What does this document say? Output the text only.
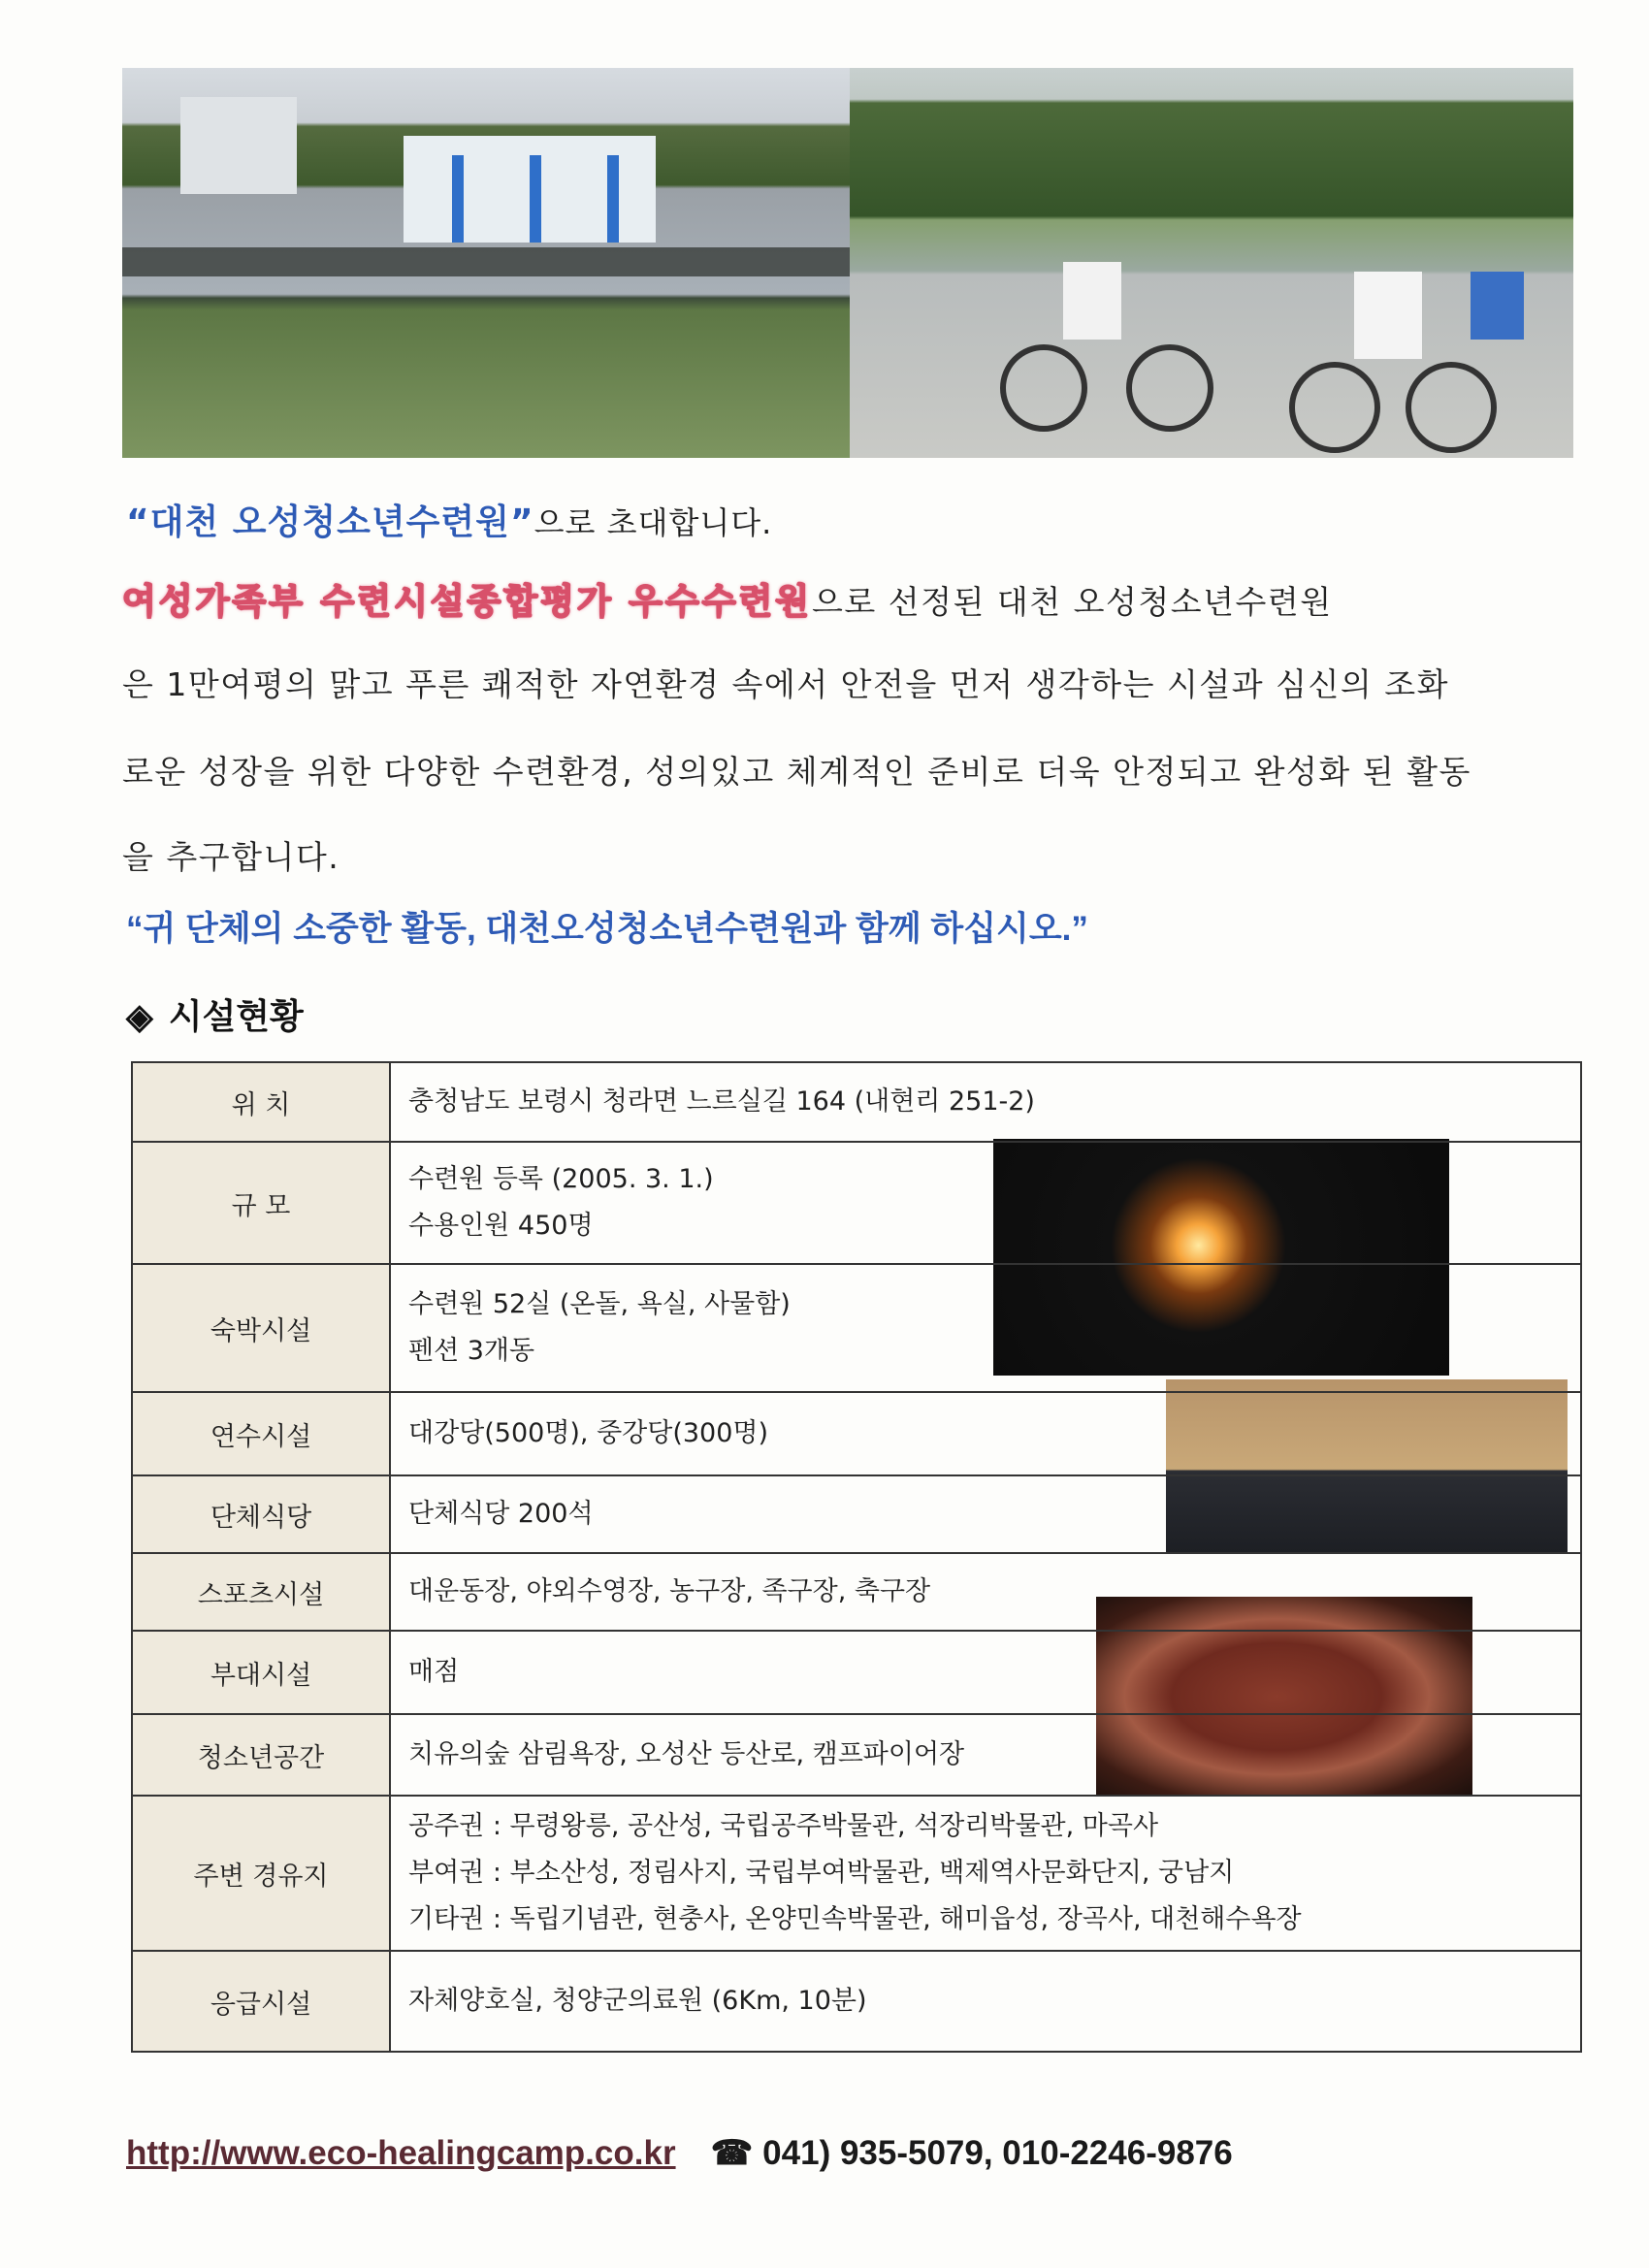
“대천 오성청소년수련원”으로 초대합니다.
여성가족부 수련시설종합평가 우수수련원으로 선정된 대천 오성청소년수련원
은 1만여평의 맑고 푸른 쾌적한 자연환경 속에서 안전을 먼저 생각하는 시설과 심신의 조화
로운 성장을 위한 다양한 수련환경, 성의있고 체계적인 준비로 더욱 안정되고 완성화 된 활동
을 추구합니다.
“귀 단체의 소중한 활동, 대천오성청소년수련원과 함께 하십시오.”
◈ 시설현황
위 치	충청남도 보령시 청라면 느르실길 164 (내현리 251-2)

규 모	수련원 등록 (2005. 3. 1.)
수용인원 450명

숙박시설	수련원 52실 (온돌, 욕실, 사물함)
펜션 3개동

연수시설	대강당(500명), 중강당(300명)

단체식당	단체식당 200석

스포츠시설	대운동장, 야외수영장, 농구장, 족구장, 축구장

부대시설	매점

청소년공간	치유의숲 삼림욕장, 오성산 등산로, 캠프파이어장

주변 경유지	공주권 : 무령왕릉, 공산성, 국립공주박물관, 석장리박물관, 마곡사
부여권 : 부소산성, 정림사지, 국립부여박물관, 백제역사문화단지, 궁남지
기타권 : 독립기념관, 현충사, 온양민속박물관, 해미읍성, 장곡사, 대천해수욕장

응급시설	자체양호실, 청양군의료원 (6Km, 10분)
http://www.eco-healingcamp.co.kr ☎ 041) 935-5079, 010-2246-9876
